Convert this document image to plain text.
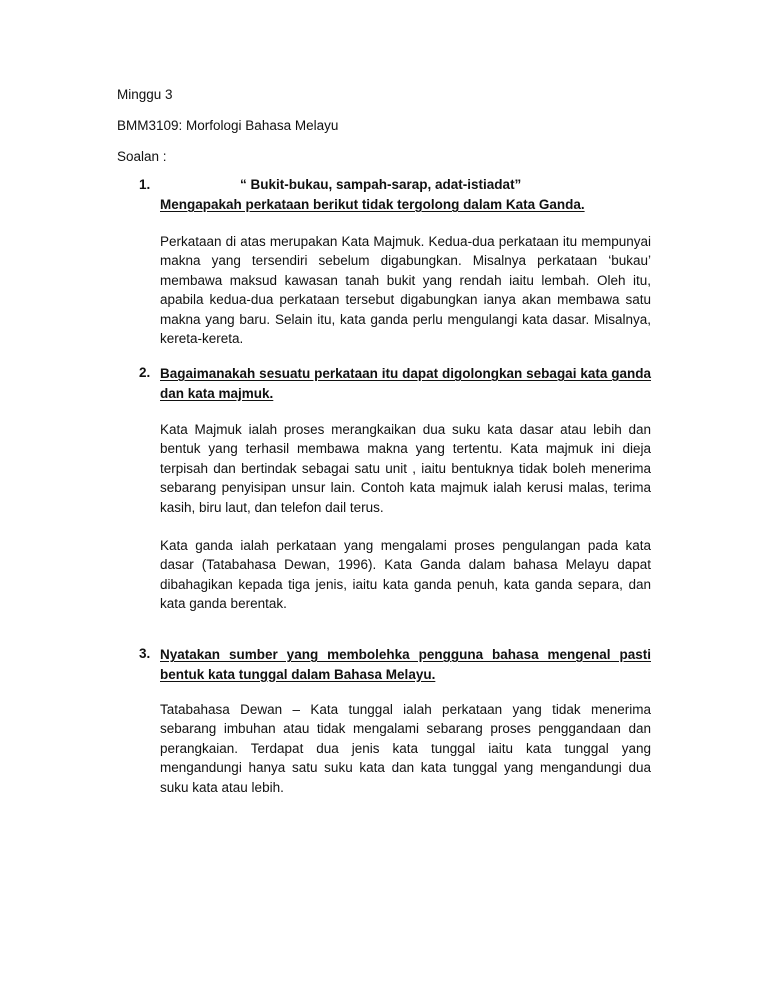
Minggu 3
BMM3109: Morfologi Bahasa Melayu
Soalan :
1.	“ Bukit-bukau, sampah-sarap, adat-istiadat”
Mengapakah perkataan berikut tidak tergolong dalam Kata Ganda.

Perkataan di atas merupakan Kata Majmuk. Kedua-dua perkataan itu mempunyai makna yang tersendiri sebelum digabungkan. Misalnya perkataan ‘bukau’ membawa maksud kawasan tanah bukit yang rendah iaitu lembah. Oleh itu, apabila kedua-dua perkataan tersebut digabungkan ianya akan membawa satu makna yang baru. Selain itu, kata ganda perlu mengulangi kata dasar. Misalnya, kereta-kereta.

2. Bagaimanakah sesuatu perkataan itu dapat digolongkan sebagai kata ganda dan kata majmuk.

Kata Majmuk ialah proses merangkaikan dua suku kata dasar atau lebih dan bentuk yang terhasil membawa makna yang tertentu. Kata majmuk ini dieja terpisah dan bertindak sebagai satu unit , iaitu bentuknya tidak boleh menerima sebarang penyisipan unsur lain. Contoh kata majmuk ialah kerusi malas, terima kasih, biru laut, dan telefon dail terus.

Kata ganda ialah perkataan yang mengalami proses pengulangan pada kata dasar (Tatabahasa Dewan, 1996). Kata Ganda dalam bahasa Melayu dapat dibahagikan kepada tiga jenis, iaitu kata ganda penuh, kata ganda separa, dan kata ganda berentak.

3. Nyatakan sumber yang membolehka pengguna bahasa mengenal pasti bentuk kata tunggal dalam Bahasa Melayu.

Tatabahasa Dewan – Kata tunggal ialah perkataan yang tidak menerima sebarang imbuhan atau tidak mengalami sebarang proses penggandaan dan perangkaian. Terdapat dua jenis kata tunggal iaitu kata tunggal yang mengandungi hanya satu suku kata dan kata tunggal yang mengandungi dua suku kata atau lebih.
